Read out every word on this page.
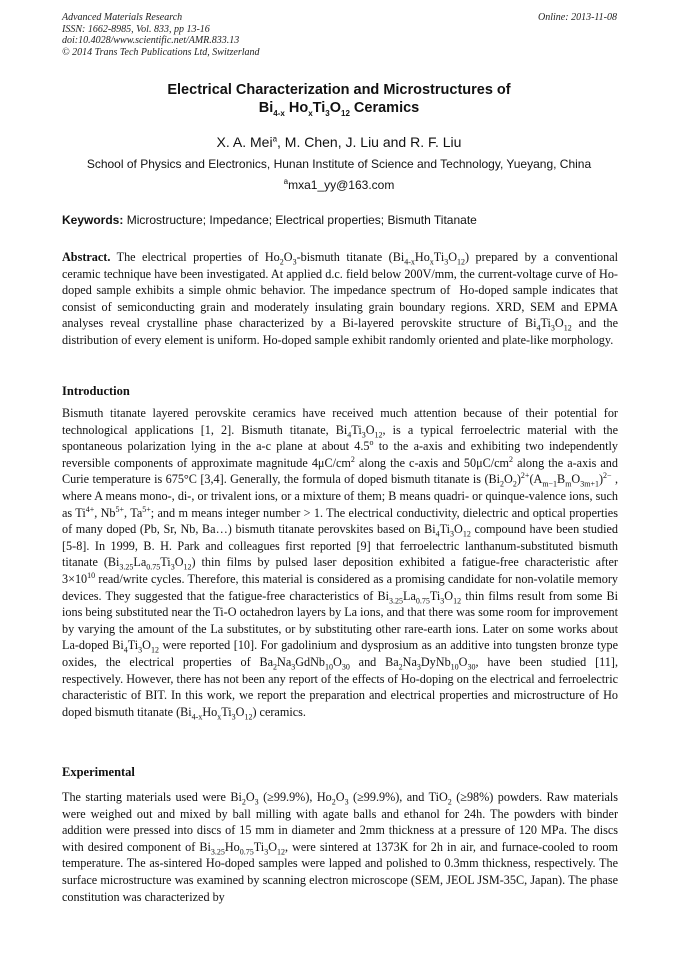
Advanced Materials Research
ISSN: 1662-8985, Vol. 833, pp 13-16
doi:10.4028/www.scientific.net/AMR.833.13
© 2014 Trans Tech Publications Ltd, Switzerland
Online: 2013-11-08
Electrical Characterization and Microstructures of
$Bi_{4-x}$ $Ho_xTi_3O_{12}$ Ceramics
X. A. Mei$^a$, M. Chen, J. Liu and R. F. Liu
School of Physics and Electronics, Hunan Institute of Science and Technology, Yueyang, China
$^a$mxa1_yy@163.com
Keywords: Microstructure; Impedance; Electrical properties; Bismuth Titanate
Abstract. The electrical properties of $Ho_2O_3$-bismuth titanate $(Bi_{4-x}Ho_xTi_3O_{12})$ prepared by a conventional ceramic technique have been investigated. At applied d.c. field below 200V/mm, the current-voltage curve of Ho-doped sample exhibits a simple ohmic behavior. The impedance spectrum of  Ho-doped sample indicates that consist of semiconducting grain and moderately insulating grain boundary regions. XRD, SEM and EPMA analyses reveal crystalline phase characterized by a Bi-layered perovskite structure of $Bi_4Ti_3O_{12}$ and the distribution of every element is uniform. Ho-doped sample exhibit randomly oriented and plate-like morphology.
Introduction
Bismuth titanate layered perovskite ceramics have received much attention because of their potential for technological applications [1, 2]. Bismuth titanate, $Bi_4Ti_3O_{12}$, is a typical ferroelectric material with the spontaneous polarization lying in the a-c plane at about 4.5$^o$ to the a-axis and exhibiting two independently reversible components of approximate magnitude $4\mu C/cm^2$ along the c-axis and $50\mu C/cm^2$ along the a-axis and Curie temperature is 675°C [3,4]. Generally, the formula of doped bismuth titanate is $(Bi_2O_2)^{2+}(A_{m-1}B_mO_{3m+1})^{2-}$ , where A means mono-, di-, or trivalent ions, or a mixture of them; B means quadri- or quinque-valence ions, such as $Ti^{4+}$, $Nb^{5+}$, $Ta^{5+}$; and m means integer number > 1. The electrical conductivity, dielectric and optical properties of many doped (Pb, Sr, Nb, Ba…) bismuth titanate perovskites based on $Bi_4Ti_3O_{12}$ compound have been studied [5-8]. In 1999, B. H. Park and colleagues first reported [9] that ferroelectric lanthanum-substituted bismuth titanate $(Bi_{3.25}La_{0.75}Ti_3O_{12})$ thin films by pulsed laser deposition exhibited a fatigue-free characteristic after $3\times 10^{10}$ read/write cycles. Therefore, this material is considered as a promising candidate for non-volatile memory devices. They suggested that the fatigue-free characteristics of $Bi_{3.25}La_{0.75}Ti_3O_{12}$ thin films result from some Bi ions being substituted near the Ti-O octahedron layers by La ions, and that there was some room for improvement by varying the amount of the La substitutes, or by substituting other rare-earth ions. Later on some works about La-doped $Bi_4Ti_3O_{12}$ were reported [10]. For gadolinium and dysprosium as an additive into tungsten bronze type oxides, the electrical properties of $Ba_2Na_3GdNb_{10}O_{30}$ and $Ba_2Na_3DyNb_{10}O_{30}$, have been studied [11], respectively. However, there has not been any report of the effects of Ho-doping on the electrical and ferroelectric characteristic of BIT. In this work, we report the preparation and electrical properties and microstructure of Ho doped bismuth titanate $(Bi_{4-x}Ho_xTi_3O_{12})$ ceramics.
Experimental
The starting materials used were $Bi_2O_3$ (≥99.9%), $Ho_2O_3$ (≥99.9%), and TiO$_2$ (≥98%) powders. Raw materials were weighed out and mixed by ball milling with agate balls and ethanol for 24h. The powders with binder addition were pressed into discs of 15 mm in diameter and 2mm thickness at a pressure of 120 MPa. The discs with desired component of $Bi_{3.25}Ho_{0.75}Ti_3O_{12}$, were sintered at 1373K for 2h in air, and furnace-cooled to room temperature. The as-sintered Ho-doped samples were lapped and polished to 0.3mm thickness, respectively. The surface microstructure was examined by scanning electron microscope (SEM, JEOL JSM-35C, Japan). The phase constitution was characterized by
